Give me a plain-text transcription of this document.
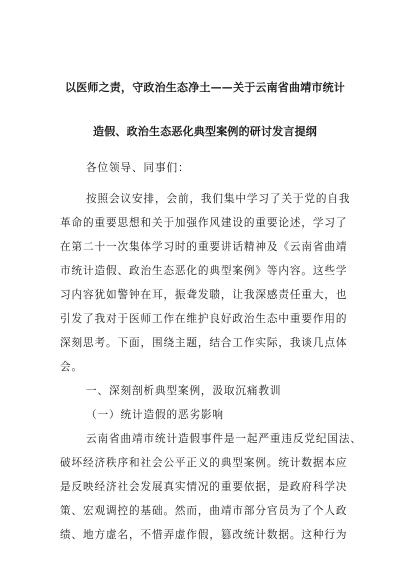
以医师之责，守政治生态净土——关于云南省曲靖市统计
造假、政治生态恶化典型案例的研讨发言提纲
各位领导、同事们：
按照会议安排，会前，我们集中学习了关于党的自我
革命的重要思想和关于加强作风建设的重要论述，学习了
在第二十一次集体学习时的重要讲话精神及《云南省曲靖
市统计造假、政治生态恶化的典型案例》等内容。这些学
习内容犹如警钟在耳，振聋发聩，让我深感责任重大，也
引发了我对于医师工作在维护良好政治生态中重要作用的
深刻思考。下面，围绕主题，结合工作实际，我谈几点体
会。
一、深刻剖析典型案例，汲取沉痛教训
（一）统计造假的恶劣影响
云南省曲靖市统计造假事件是一起严重违反党纪国法、
破坏经济秩序和社会公平正义的典型案例。统计数据本应
是反映经济社会发展真实情况的重要依据，是政府科学决
策、宏观调控的基础。然而，曲靖市部分官员为了个人政
绩、地方虚名，不惜弄虚作假，篡改统计数据。这种行为
